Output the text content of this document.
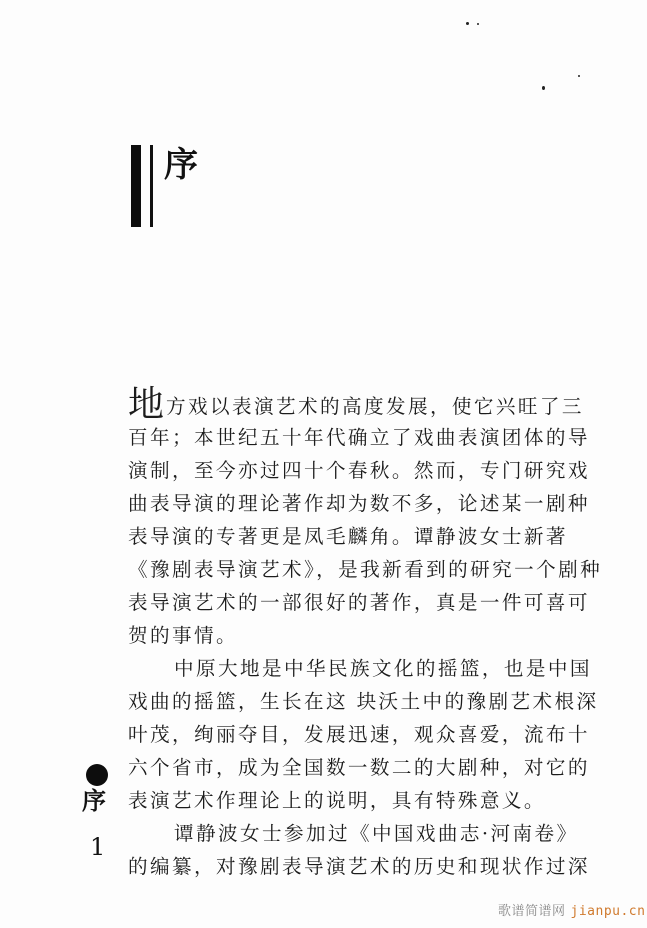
序
地方戏以表演艺术的高度发展，使它兴旺了三
百年；本世纪五十年代确立了戏曲表演团体的导
演制，至今亦过四十个春秋。然而，专门研究戏
曲表导演的理论著作却为数不多，论述某一剧种
表导演的专著更是凤毛麟角。谭静波女士新著
《豫剧表导演艺术》，是我新看到的研究一个剧种
表导演艺术的一部很好的著作，真是一件可喜可
贺的事情。
中原大地是中华民族文化的摇篮，也是中国
戏曲的摇篮，生长在这 块沃土中的豫剧艺术根深
叶茂，绚丽夺目，发展迅速，观众喜爱，流布十
六个省市，成为全国数一数二的大剧种，对它的
表演艺术作理论上的说明，具有特殊意义。
谭静波女士参加过《中国戏曲志·河南卷》
的编纂，对豫剧表导演艺术的历史和现状作过深
序
1
歌谱简谱网 jianpu.cn
